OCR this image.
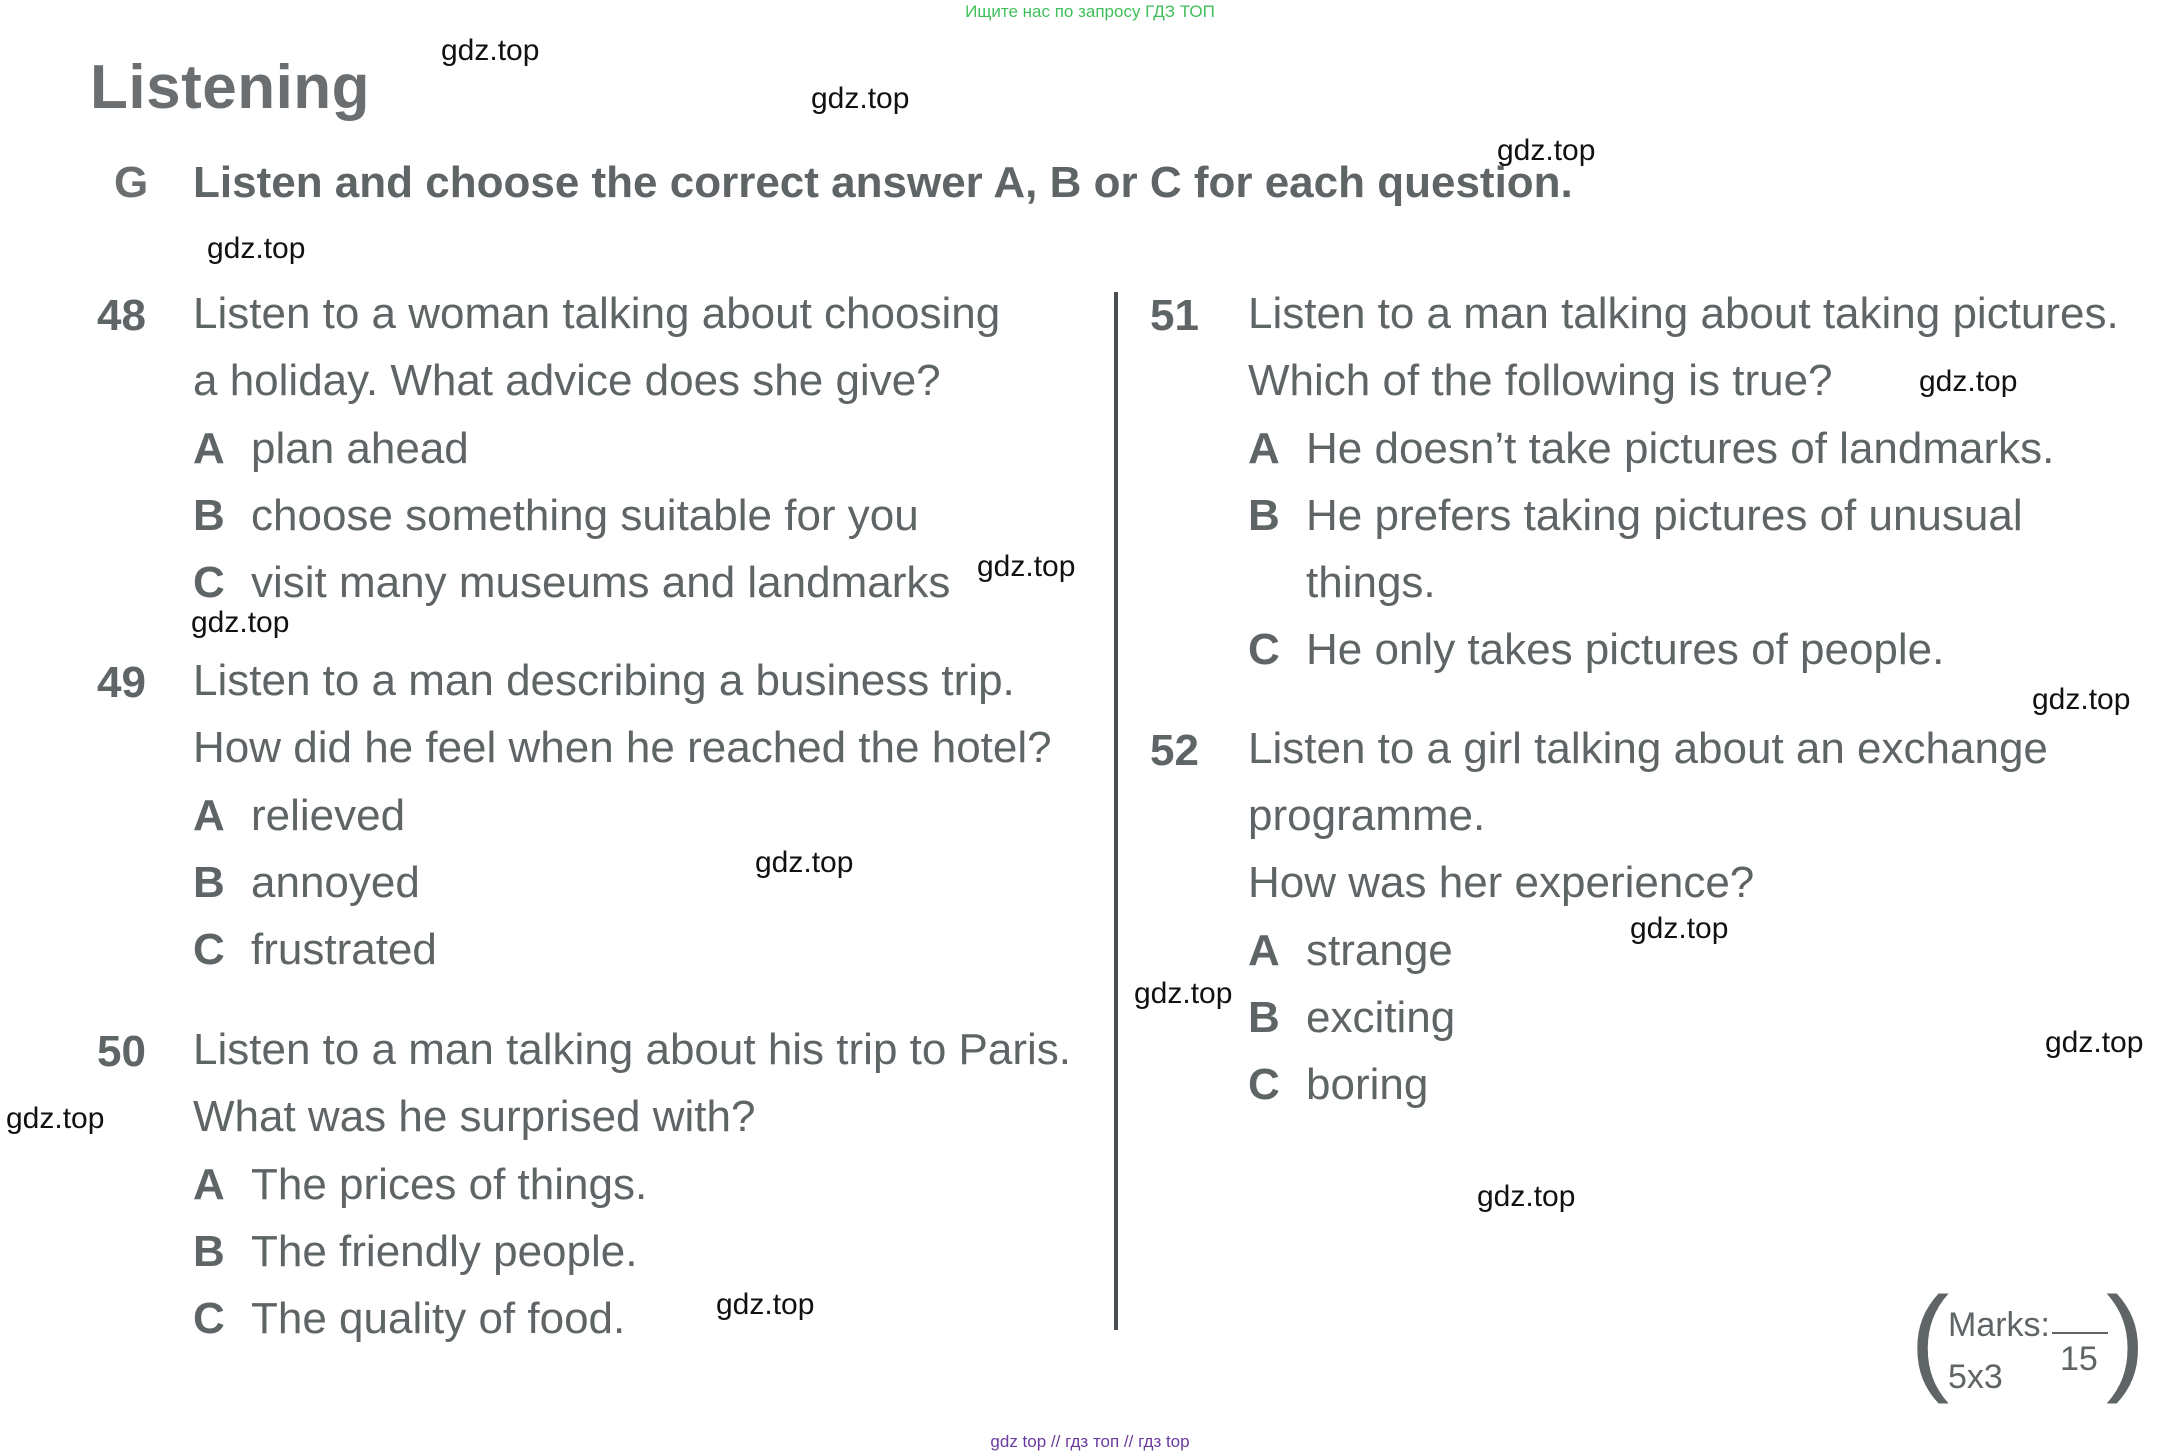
Ищите нас по запросу ГДЗ ТОП
Listening
G Listen and choose the correct answer A, B or C for each question.
48 Listen to a woman talking about choosing
a holiday. What advice does she give?
A plan ahead
B choose something suitable for you
C visit many museums and landmarks
49 Listen to a man describing a business trip.
How did he feel when he reached the hotel?
A relieved
B annoyed
C frustrated
50 Listen to a man talking about his trip to Paris.
What was he surprised with?
A The prices of things.
B The friendly people.
C The quality of food.
51 Listen to a man talking about taking pictures.
Which of the following is true?
A He doesn’t take pictures of landmarks.
B He prefers taking pictures of unusual
things.
C He only takes pictures of people.
52 Listen to a girl talking about an exchange
programme.
How was her experience?
A strange
B exciting
C boring
(
Marks:
15
5x3 )
gdz.top
gdz.top
gdz.top
gdz.top
gdz.top
gdz.top
gdz.top
gdz.top
gdz.top
gdz.top
gdz.top
gdz.top
gdz.top
gdz.top
gdz.top
gdz top // гдз топ // гдз top
